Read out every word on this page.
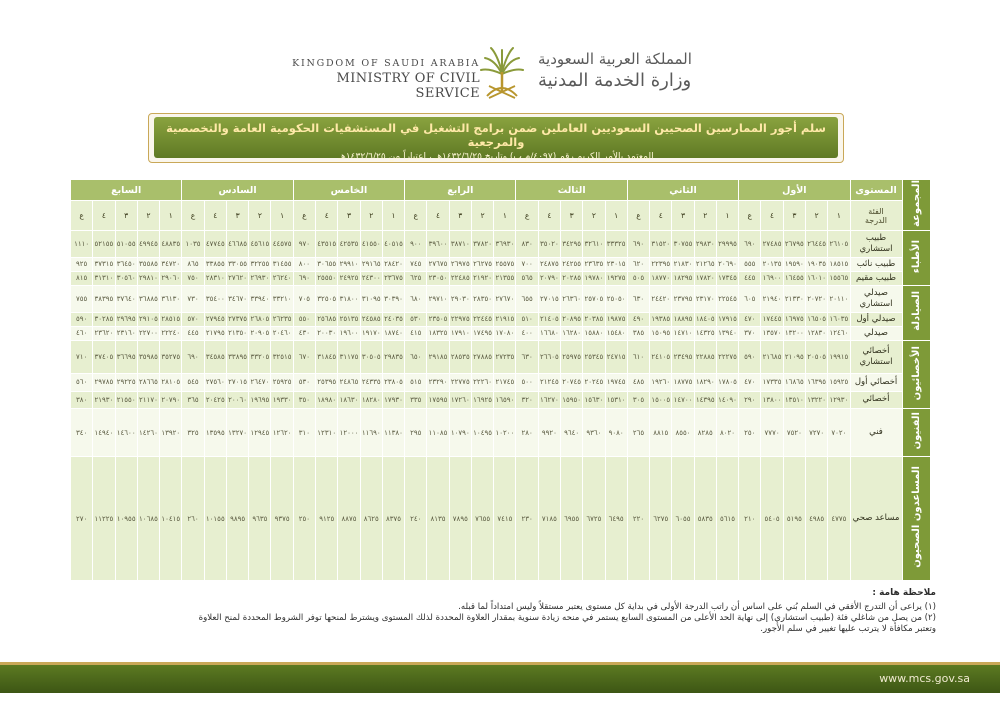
KINGDOM OF SAUDI ARABIA
MINISTRY OF CIVIL SERVICE
المملكة العربية السعودية
وزارة الخدمة المدنية
سلم أجور الممارسين الصحيين السعوديين العاملين ضمن برامج التشغيل في المستشفيات الحكومية العامة والتخصصية والمرجعية
المعتمد بالأمر الكريم رقم (٤٠٩٧/م ب) وتاريخ ١٤٣٢/٦/٢٥هـ ، اعتباراً من ١٤٣٢/٦/٢٥هـ
المجموعة	المستوى	الأول					الثاني					الثالث					الرابع					الخامس					السادس					السابع				

	الفئة
الدرجة	١	٢	٣	٤	ع	١	٢	٣	٤	ع	١	٢	٣	٤	ع	١	٢	٣	٤	ع	١	٢	٣	٤	ع	١	٢	٣	٤	ع	١	٢	٣	٤	ع
الأطباء	طبيب استشاري	٢٦١٠٥	٢٦٤٤٥	٢٦٧٩٥	٢٧٤٨٥	٦٩٠	٢٩٩٩٥	٢٩٨٣٠	٣٠٧٥٥	٣١٥٢٠	٦٩٠	٣٣٣٢٥	٣٢٦١٠	٣٤٢٩٥	٣٥٠٢٠	٨٣٠	٣٦٩٣٠	٣٧٨٢٠	٣٨٧١٠	٣٩٦٠٠	٩٠٠	٤٠٥١٥	٤١٥٥٠	٤٢٥٣٥	٤٣٥١٥	٩٧٠	٤٤٥٧٥	٤٥٦١٥	٤٦٦٨٥	٤٧٧٤٥	١٠٣٥	٤٨٨٣٥	٤٩٩٤٥	٥١٠٥٥	٥٢١٥٥	١١١٠
	طبيب نائب	١٨٥١٥	١٩٠٣٥	١٩٥٩٠	٢٠١٣٥	٥٥٥	٢٠٦٩٠	٢١٢٦٥	٢١٨٣٠	٢٢٣٩٥	٦٢٠	٢٣٠١٥	٢٣٦٣٥	٢٤٢٥٥	٢٤٨٧٥	٧٠٠	٢٥٥٧٥	٢٦٢٧٥	٢٦٩٧٥	٢٧٦٧٥	٧٤٥	٢٨٤٢٠	٢٩١٦٥	٢٩٩١٠	٣٠٦٥٥	٨٠٠	٣١٤٥٥	٣٢٢٥٥	٣٣٠٥٥	٣٣٨٥٥	٨٦٥	٣٤٧٢٠	٣٥٥٨٥	٣٦٤٥٠	٣٧٣١٥	٩٢٥
	طبيب مقيم	١٥٥٦٥	١٦٠١٠	١٦٤٥٥	١٦٩٠٠	٤٤٥	١٧٣٤٥	١٧٨٢٠	١٨٢٩٥	١٨٧٧٠	٥٠٥	١٩٢٧٥	١٩٧٨٠	٢٠٢٨٥	٢٠٧٩٠	٥٦٥	٢١٣٥٥	٢١٩٢٠	٢٢٤٨٥	٢٣٠٥٠	٦٢٥	٢٣٦٧٥	٢٤٣٠٠	٢٤٩٢٥	٢٥٥٥٠	٦٩٠	٢٦٢٤٠	٢٦٩٣٠	٢٧٦٢٠	٢٨٣١٠	٧٥٠	٢٩٠٦٠	٢٩٨١٠	٣٠٥٦٠	٣١٣١٠	٨١٥
الصيادلة	صيدلي استشاري	٢٠١١٠	٢٠٧٢٠	٢١٣٣٠	٢١٩٤٠	٦٠٥	٢٢٥٤٥	٢٣١٧٠	٢٣٧٩٥	٢٤٤٢٠	٦٣٠	٢٥٠٥٠	٢٥٧٠٥	٢٦٣٦٠	٢٧٠١٥	٦٥٥	٢٧٦٧٠	٢٨٣٥٠	٢٩٠٣٠	٢٩٧١٠	٦٨٠	٣٠٣٩٠	٣١٠٩٥	٣١٨٠٠	٣٢٥٠٥	٧٠٥	٣٣٢١٠	٣٣٩٤٠	٣٤٦٧٠	٣٥٤٠٠	٧٣٠	٣٦١٣٠	٣٦٨٨٥	٣٧٦٤٠	٣٨٣٩٥	٧٥٥
	صيدلي أول	١٦٠٣٥	١٦٥٠٥	١٦٩٧٥	١٧٤٤٥	٤٧٠	١٧٩١٥	١٨٤٠٥	١٨٨٩٥	١٩٣٨٥	٤٩٠	١٩٨٧٥	٢٠٣٨٥	٢٠٨٩٥	٢١٤٠٥	٥١٠	٢١٩١٥	٢٢٤٤٥	٢٢٩٧٥	٢٣٥٠٥	٥٣٠	٢٤٠٣٥	٢٤٥٨٥	٢٥١٣٥	٢٥٦٨٥	٥٥٠	٢٦٢٣٥	٢٦٨٠٥	٢٧٣٧٥	٢٧٩٤٥	٥٧٠	٢٨٥١٥	٢٩١٠٥	٢٩٦٩٥	٣٠٢٨٥	٥٩٠
	صيدلي	١٢٤٦٠	١٢٨٣٠	١٣٢٠٠	١٣٥٧٠	٣٧٠	١٣٩٤٠	١٤٣٢٥	١٤٧١٠	١٥٠٩٥	٣٨٥	١٥٤٨٠	١٥٨٨٠	١٦٢٨٠	١٦٦٨٠	٤٠٠	١٧٠٨٠	١٧٤٩٥	١٧٩١٠	١٨٣٢٥	٤١٥	١٨٧٤٠	١٩١٧٠	١٩٦٠٠	٢٠٠٣٠	٤٣٠	٢٠٤٦٠	٢٠٩٠٥	٢١٣٥٠	٢١٧٩٥	٤٤٥	٢٢٢٤٠	٢٢٧٠٠	٢٣١٦٠	٢٣٦٢٠	٤٦٠
الأخصائيون	أخصائي استشاري	١٩٩١٥	٢٠٥٠٥	٢١٠٩٥	٢١٦٨٥	٥٩٠	٢٢٢٧٥	٢٢٨٨٥	٢٣٤٩٥	٢٤١٠٥	٦١٠	٢٤٧١٥	٢٥٣٤٥	٢٥٩٧٥	٢٦٦٠٥	٦٣٠	٢٧٢٣٥	٢٧٨٨٥	٢٨٥٣٥	٢٩١٨٥	٦٥٠	٢٩٨٣٥	٣٠٥٠٥	٣١١٧٥	٣١٨٤٥	٦٧٠	٣٢٥١٥	٣٣٢٠٥	٣٣٨٩٥	٣٤٥٨٥	٦٩٠	٣٥٢٧٥	٣٥٩٨٥	٣٦٦٩٥	٣٧٤٠٥	٧١٠
	أخصائي أول	١٥٩٢٥	١٦٣٩٥	١٦٨٦٥	١٧٣٣٥	٤٧٠	١٧٨٠٥	١٨٢٩٠	١٨٧٧٥	١٩٢٦٠	٤٨٥	١٩٧٤٥	٢٠٢٤٥	٢٠٧٤٥	٢١٢٤٥	٥٠٠	٢١٧٤٥	٢٢٢٦٠	٢٢٧٧٥	٢٣٢٩٠	٥١٥	٢٣٨٠٥	٢٤٣٣٥	٢٤٨٦٥	٢٥٣٩٥	٥٣٠	٢٥٩٢٥	٢٦٤٧٠	٢٧٠١٥	٢٧٥٦٠	٥٤٥	٢٨١٠٥	٢٨٦٦٥	٢٩٢٢٥	٢٩٧٨٥	٥٦٠
	أخصائي	١٢٩٣٠	١٣٢٢٠	١٣٥١٠	١٣٨٠٠	٢٩٠	١٤٠٩٠	١٤٣٩٥	١٤٧٠٠	١٥٠٠٥	٣٠٥	١٥٣١٠	١٥٦٣٠	١٥٩٥٠	١٦٢٧٠	٣٢٠	١٦٥٩٠	١٦٩٢٥	١٧٢٦٠	١٧٥٩٥	٣٣٥	١٧٩٣٠	١٨٢٨٠	١٨٦٣٠	١٨٩٨٠	٣٥٠	١٩٣٣٠	١٩٦٩٥	٢٠٠٦٠	٢٠٤٢٥	٣٦٥	٢٠٧٩٠	٢١١٧٠	٢١٥٥٠	٢١٩٣٠	٣٨٠
الفنيون	فني	٧٠٢٠	٧٢٧٠	٧٥٢٠	٧٧٧٠	٢٥٠	٨٠٢٠	٨٢٨٥	٨٥٥٠	٨٨١٥	٢٦٥	٩٠٨٠	٩٣٦٠	٩٦٤٠	٩٩٢٠	٢٨٠	١٠٢٠٠	١٠٤٩٥	١٠٧٩٠	١١٠٨٥	٢٩٥	١١٣٨٠	١١٦٩٠	١٢٠٠٠	١٢٣١٠	٣١٠	١٢٦٢٠	١٢٩٤٥	١٣٢٧٠	١٣٥٩٥	٣٢٥	١٣٩٢٠	١٤٢٦٠	١٤٦٠٠	١٤٩٤٠	٣٤٠
المساعدون الصحيون	مساعد صحي	٤٧٧٥	٤٩٨٥	٥١٩٥	٥٤٠٥	٢١٠	٥٦١٥	٥٨٣٥	٦٠٥٥	٦٢٧٥	٢٢٠	٦٤٩٥	٦٧٢٥	٦٩٥٥	٧١٨٥	٢٣٠	٧٤١٥	٧٦٥٥	٧٨٩٥	٨١٣٥	٢٤٠	٨٣٧٥	٨٦٢٥	٨٨٧٥	٩١٢٥	٢٥٠	٩٣٧٥	٩٦٣٥	٩٨٩٥	١٠١٥٥	٢٦٠	١٠٤١٥	١٠٦٨٥	١٠٩٥٥	١١٢٢٥	٢٧٠
ملاحظة هامة :
(١) يراعى أن التدرج الأفقي في السلم بُني على اساس أن راتب الدرجة الأولى في بداية كل مستوى يعتبر مستقلاً وليس امتداداً لما قبله.
(٢) من يصل من شاغلي فئة (طبيب استشاري) إلى نهاية الحد الأعلى من المستوى السابع يستمر في منحه زيادة سنوية بمقدار العلاوة المحددة لذلك المستوى ويشترط لمنحها توفر الشروط المحددة لمنح العلاوة وتعتبر مكافأة لا يترتب عليها تغيير في سلم الأجور.
www.mcs.gov.sa
